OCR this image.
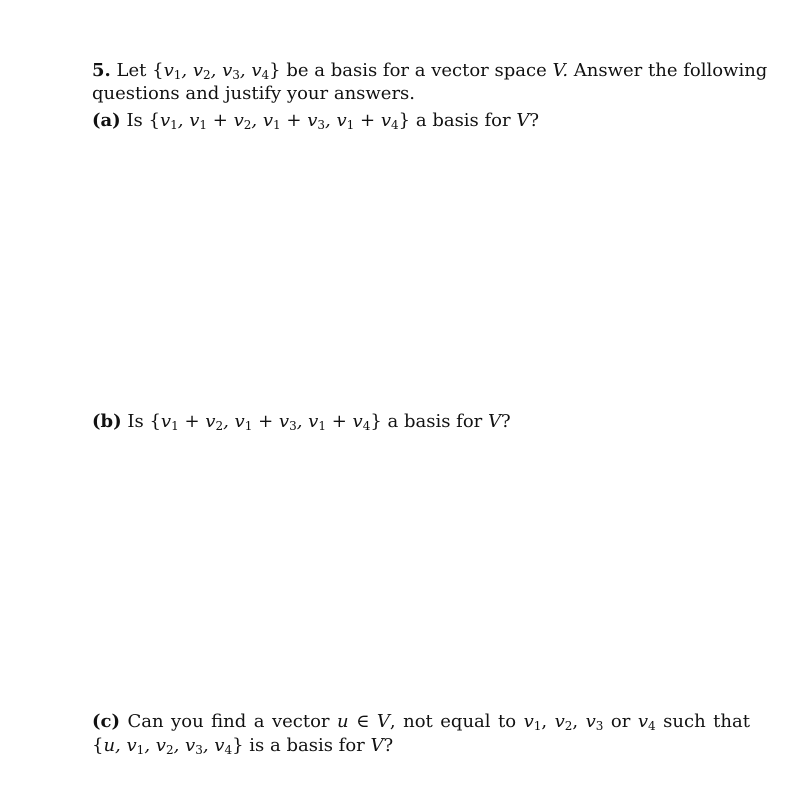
5. Let {$v_1$, $v_2$, $v_3$, $v_4$} be a basis for a vector space V. Answer the following
questions and justify your answers.
(a) Is {$v_1$, $v_1 + v_2$, $v_1 + v_3$, $v_1 + v_4$} a basis for V?
(b) Is {$v_1 + v_2$, $v_1 + v_3$, $v_1 + v_4$} a basis for V?
(c) Can you find a vector u ∈ V, not equal to $v_1$, $v_2$, $v_3$ or $v_4$ such that
{u, $v_1$, $v_2$, $v_3$, $v_4$} is a basis for V?
